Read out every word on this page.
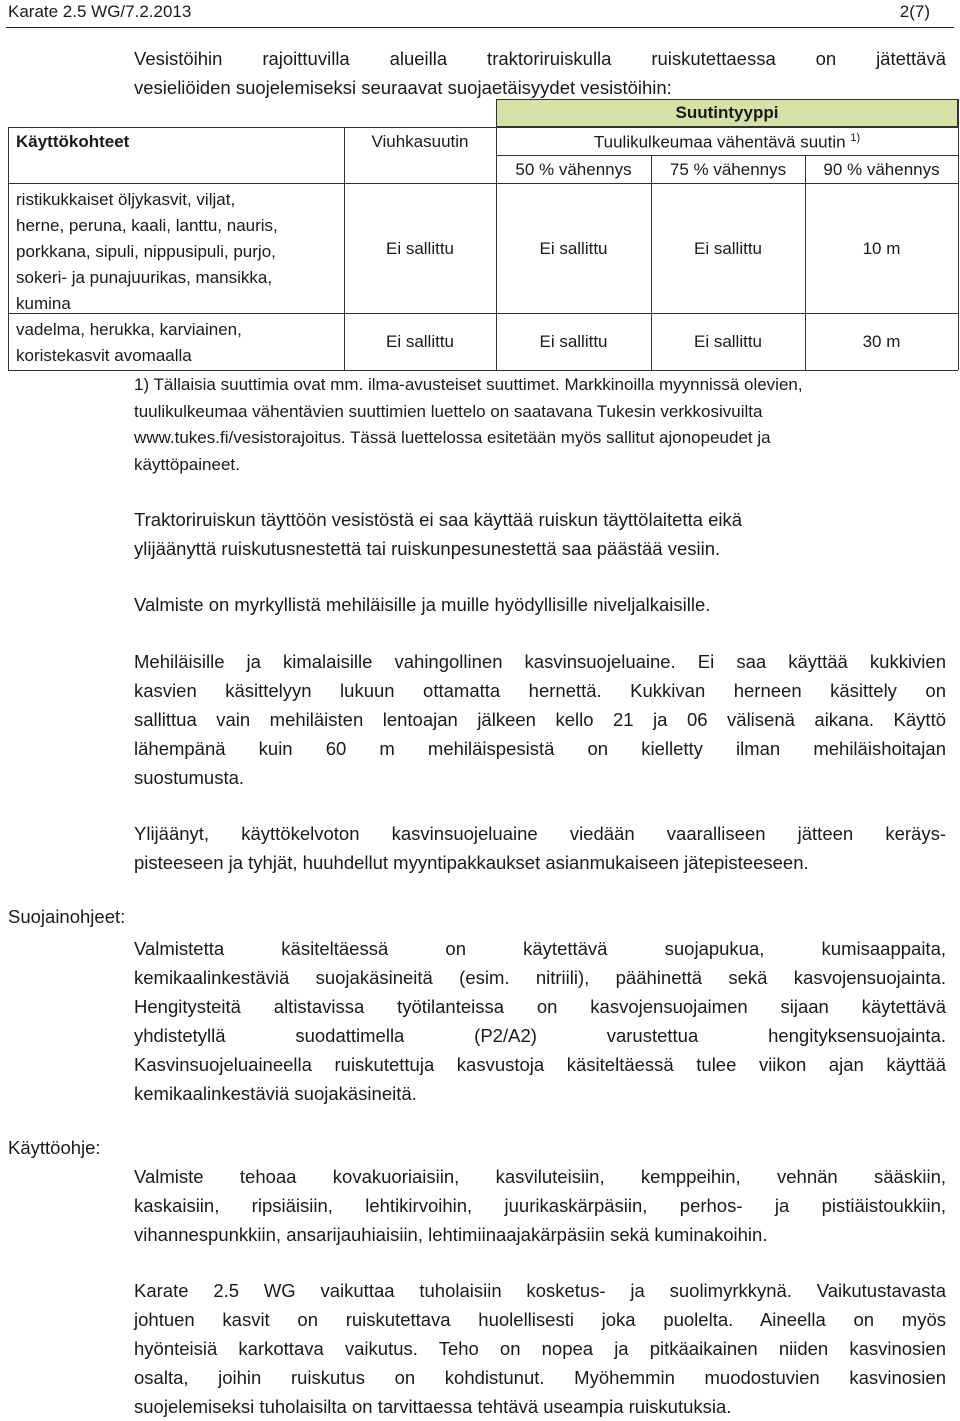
Karate 2.5 WG/7.2.2013	2(7)
Vesistöihin rajoittuvilla alueilla traktoriruiskulla ruiskutettaessa on jätettävä
vesieliöiden suojelemiseksi seuraavat suojaetäisyydet vesistöihin:
Suutintyyppi
Käyttökohteet	Viuhkasuutin	Tuulikulkeumaa vähentävä suutin $^{1)}$
50 % vähennys	75 % vähennys	90 % vähennys
ristikukkaiset öljykasvit, viljat,
herne, peruna, kaali, lanttu, nauris,
porkkana, sipuli, nippusipuli, purjo,
sokeri- ja punajuurikas, mansikka,
kumina
Ei sallittu	Ei sallittu	Ei sallittu	10 m
vadelma, herukka, karviainen,
koristekasvit avomaalla
Ei sallittu	Ei sallittu	Ei sallittu	30 m
1) Tällaisia suuttimia ovat mm. ilma-avusteiset suuttimet. Markkinoilla myynnissä olevien,
tuulikulkeumaa vähentävien suuttimien luettelo on saatavana Tukesin verkkosivuilta
www.tukes.fi/vesistorajoitus. Tässä luettelossa esitetään myös sallitut ajonopeudet ja
käyttöpaineet.
Traktoriruiskun täyttöön vesistöstä ei saa käyttää ruiskun täyttölaitetta eikä
ylijäänyttä ruiskutusnestettä tai ruiskunpesunestettä saa päästää vesiin.
Valmiste on myrkyllistä mehiläisille ja muille hyödyllisille niveljalkaisille.
Mehiläisille ja kimalaisille vahingollinen kasvinsuojeluaine. Ei saa käyttää kukkivien
kasvien käsittelyyn lukuun ottamatta hernettä. Kukkivan herneen käsittely on
sallittua vain mehiläisten lentoajan jälkeen kello 21 ja 06 välisenä aikana. Käyttö
lähempänä kuin 60 m mehiläispesistä on kielletty ilman mehiläishoitajan
suostumusta.
Ylijäänyt, käyttökelvoton kasvinsuojeluaine viedään vaaralliseen jätteen keräys-
pisteeseen ja tyhjät, huuhdellut myyntipakkaukset asianmukaiseen jätepisteeseen.
Suojainohjeet:
Valmistetta käsiteltäessä on käytettävä suojapukua, kumisaappaita,
kemikaalinkestäviä suojakäsineitä (esim. nitriili), päähinettä sekä kasvojensuojainta.
Hengitysteitä altistavissa työtilanteissa on kasvojensuojaimen sijaan käytettävä
yhdistetyllä suodattimella (P2/A2) varustettua hengityksensuojainta.
Kasvinsuojeluaineella ruiskutettuja kasvustoja käsiteltäessä tulee viikon ajan käyttää
kemikaalinkestäviä suojakäsineitä.
Käyttöohje:
Valmiste tehoaa kovakuoriaisiin, kasviluteisiin, kemppeihin, vehnän sääskiin,
kaskaisiin, ripsiäisiin, lehtikirvoihin, juurikaskärpäsiin, perhos- ja pistiäistoukkiin,
vihannespunkkiin, ansarijauhiaisiin, lehtimiinaajakärpäsiin sekä kuminakoihin.
Karate 2.5 WG vaikuttaa tuholaisiin kosketus- ja suolimyrkkynä. Vaikutustavasta
johtuen kasvit on ruiskutettava huolellisesti joka puolelta. Aineella on myös
hyönteisiä karkottava vaikutus. Teho on nopea ja pitkäaikainen niiden kasvinosien
osalta, joihin ruiskutus on kohdistunut. Myöhemmin muodostuvien kasvinosien
suojelemiseksi tuholaisilta on tarvittaessa tehtävä useampia ruiskutuksia.
